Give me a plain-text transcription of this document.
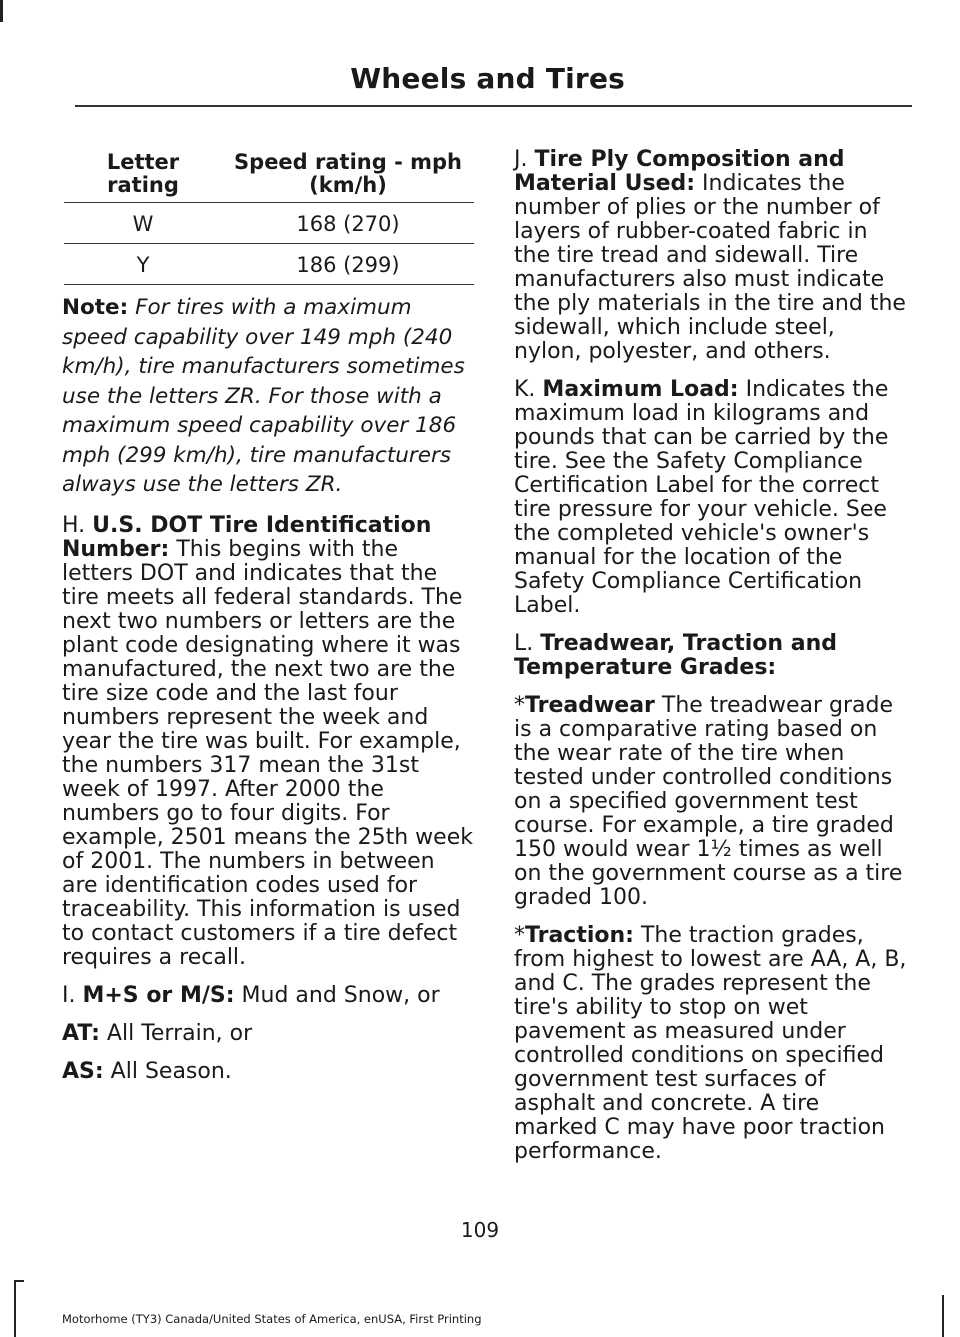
Wheels and Tires
Letter rating	Speed rating - mph (km/h)
W	168 (270)
Y	186 (299)

Note: For tires with a maximum speed capability over 149 mph (240 km/h), tire manufacturers sometimes use the letters ZR. For those with a maximum speed capability over 186 mph (299 km/h), tire manufacturers always use the letters ZR.

H. U.S. DOT Tire Identification Number: This begins with the letters DOT and indicates that the tire meets all federal standards. The next two numbers or letters are the plant code designating where it was manufactured, the next two are the tire size code and the last four numbers represent the week and year the tire was built. For example, the numbers 317 mean the 31st week of 1997. After 2000 the numbers go to four digits. For example, 2501 means the 25th week of 2001. The numbers in between are identification codes used for traceability. This information is used to contact customers if a tire defect requires a recall.

I. M+S or M/S: Mud and Snow, or

AT: All Terrain, or

AS: All Season.

J. Tire Ply Composition and Material Used: Indicates the number of plies or the number of layers of rubber-coated fabric in the tire tread and sidewall. Tire manufacturers also must indicate the ply materials in the tire and the sidewall, which include steel, nylon, polyester, and others.

K. Maximum Load: Indicates the maximum load in kilograms and pounds that can be carried by the tire. See the Safety Compliance Certification Label for the correct tire pressure for your vehicle. See the completed vehicle's owner's manual for the location of the Safety Compliance Certification Label.

L. Treadwear, Traction and Temperature Grades:

*Treadwear The treadwear grade is a comparative rating based on the wear rate of the tire when tested under controlled conditions on a specified government test course. For example, a tire graded 150 would wear 1½ times as well on the government course as a tire graded 100.

*Traction: The traction grades, from highest to lowest are AA, A, B, and C. The grades represent the tire's ability to stop on wet pavement as measured under controlled conditions on specified government test surfaces of asphalt and concrete. A tire marked C may have poor traction performance.

109
Motorhome (TY3) Canada/United States of America, enUSA, First Printing
